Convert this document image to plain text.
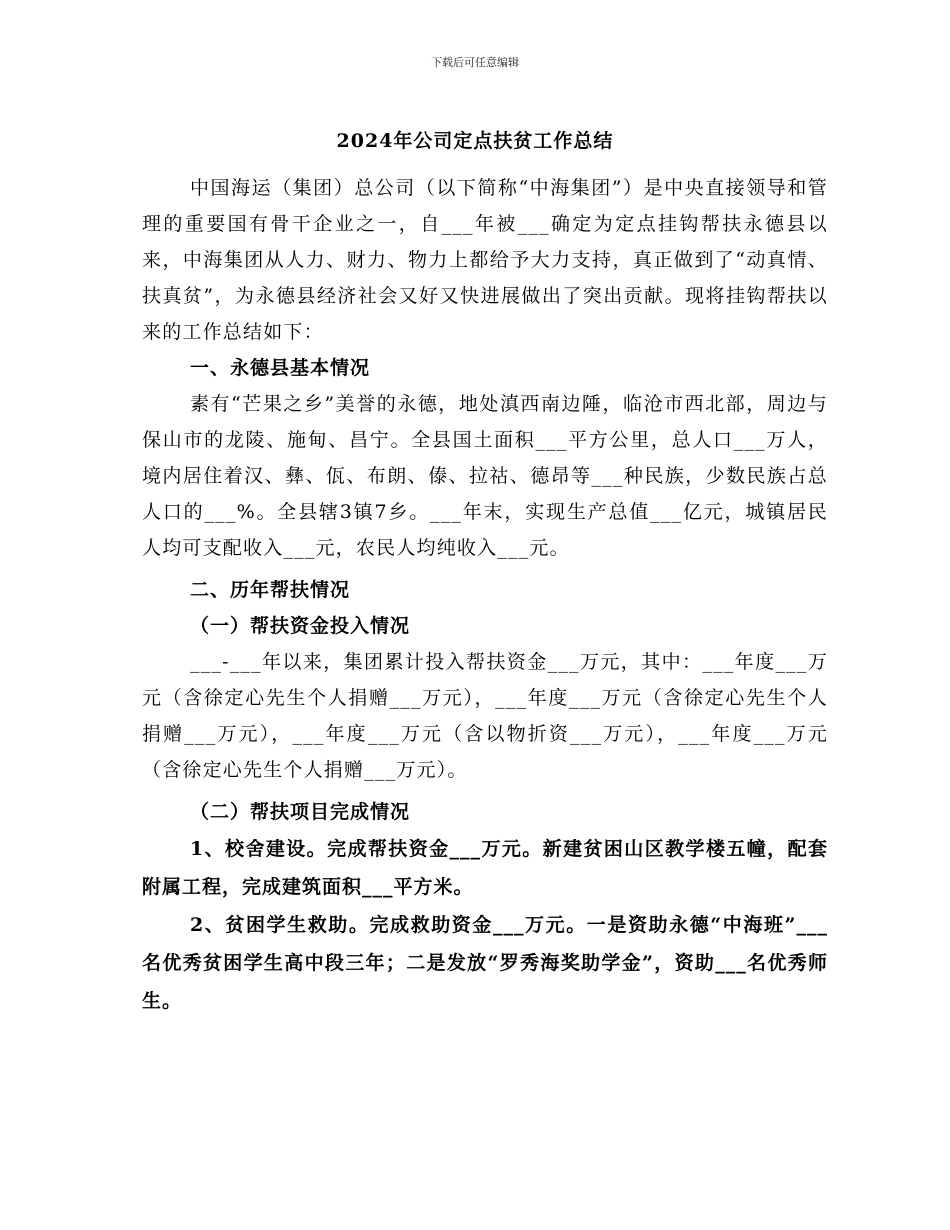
下载后可任意编辑
2024年公司定点扶贫工作总结

中国海运（集团）总公司（以下简称“中海集团”）是中央直接领导和管理的重要国有骨干企业之一，自___年被___确定为定点挂钩帮扶永德县以来，中海集团从人力、财力、物力上都给予大力支持，真正做到了“动真情、扶真贫”，为永德县经济社会又好又快进展做出了突出贡献。现将挂钩帮扶以来的工作总结如下：

一、永德县基本情况

素有“芒果之乡”美誉的永德，地处滇西南边陲，临沧市西北部，周边与保山市的龙陵、施甸、昌宁。全县国土面积___平方公里，总人口___万人，境内居住着汉、彝、佤、布朗、傣、拉祜、德昂等___种民族，少数民族占总人口的___%。全县辖3镇7乡。___年末，实现生产总值___亿元，城镇居民人均可支配收入___元，农民人均纯收入___元。

二、历年帮扶情况

（一）帮扶资金投入情况

___-___年以来，集团累计投入帮扶资金___万元，其中：___年度___万元（含徐定心先生个人捐赠___万元），___年度___万元（含徐定心先生个人捐赠___万元），___年度___万元（含以物折资___万元），___年度___万元（含徐定心先生个人捐赠___万元）。

（二）帮扶项目完成情况

1、校舍建设。完成帮扶资金___万元。新建贫困山区教学楼五幢，配套附属工程，完成建筑面积___平方米。

2、贫困学生救助。完成救助资金___万元。一是资助永德“中海班”___名优秀贫困学生高中段三年；二是发放“罗秀海奖助学金”，资助___名优秀师生。
